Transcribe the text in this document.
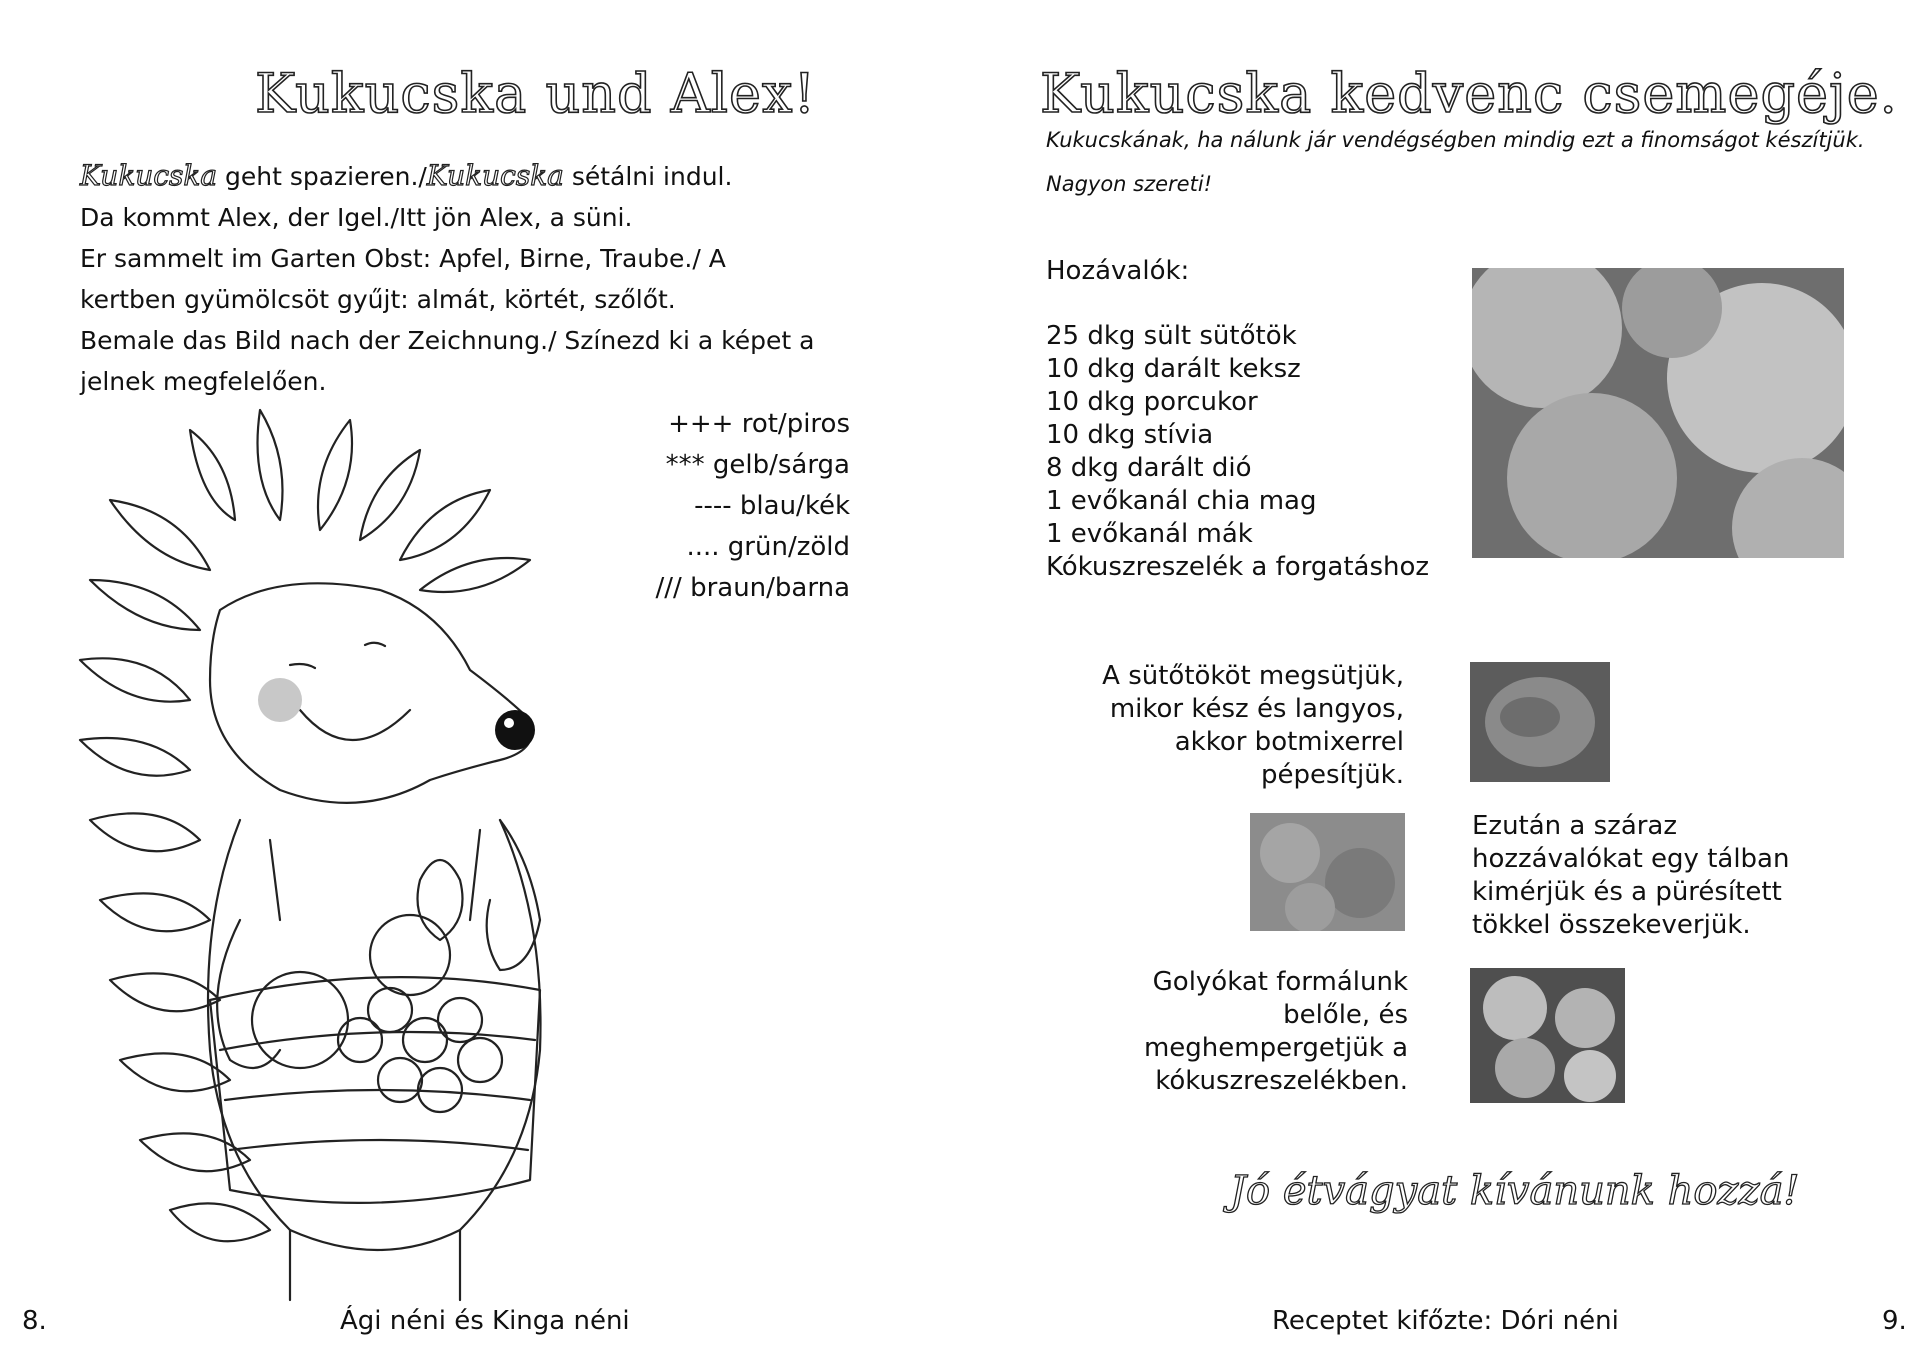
Kukucska und Alex!
Kukucska geht spazieren./Kukucska sétálni indul.
Da kommt Alex, der Igel./Itt jön Alex, a süni.
Er sammelt im Garten Obst: Apfel, Birne, Traube./ A
kertben gyümölcsöt gyűjt: almát, körtét, szőlőt.
Bemale das Bild nach der Zeichnung./ Színezd ki a képet a
jelnek megfelelően.
+++ rot/piros
*** gelb/sárga
---- blau/kék
.... grün/zöld
/// braun/barna
8.	Ági néni és Kinga néni
Kukucska kedvenc csemegéje.
Kukucskának, ha nálunk jár vendégségben mindig ezt a finomságot készítjük.
Nagyon szereti!
Hozávalók:
25 dkg sült sütőtök
10 dkg darált keksz
10 dkg porcukor
10 dkg stívia
8 dkg darált dió
1 evőkanál chia mag
1 evőkanál mák
Kókuszreszelék a forgatáshoz
A sütőtököt megsütjük,
mikor kész és langyos,
akkor botmixerrel
pépesítjük.
Ezután a száraz
hozzávalókat egy tálban
kimérjük és a pürésített
tökkel összekeverjük.
Golyókat formálunk
belőle, és
meghempergetjük a
kókuszreszelékben.
Jó étvágyat kívánunk hozzá!
Receptet kifőzte: Dóri néni	9.
